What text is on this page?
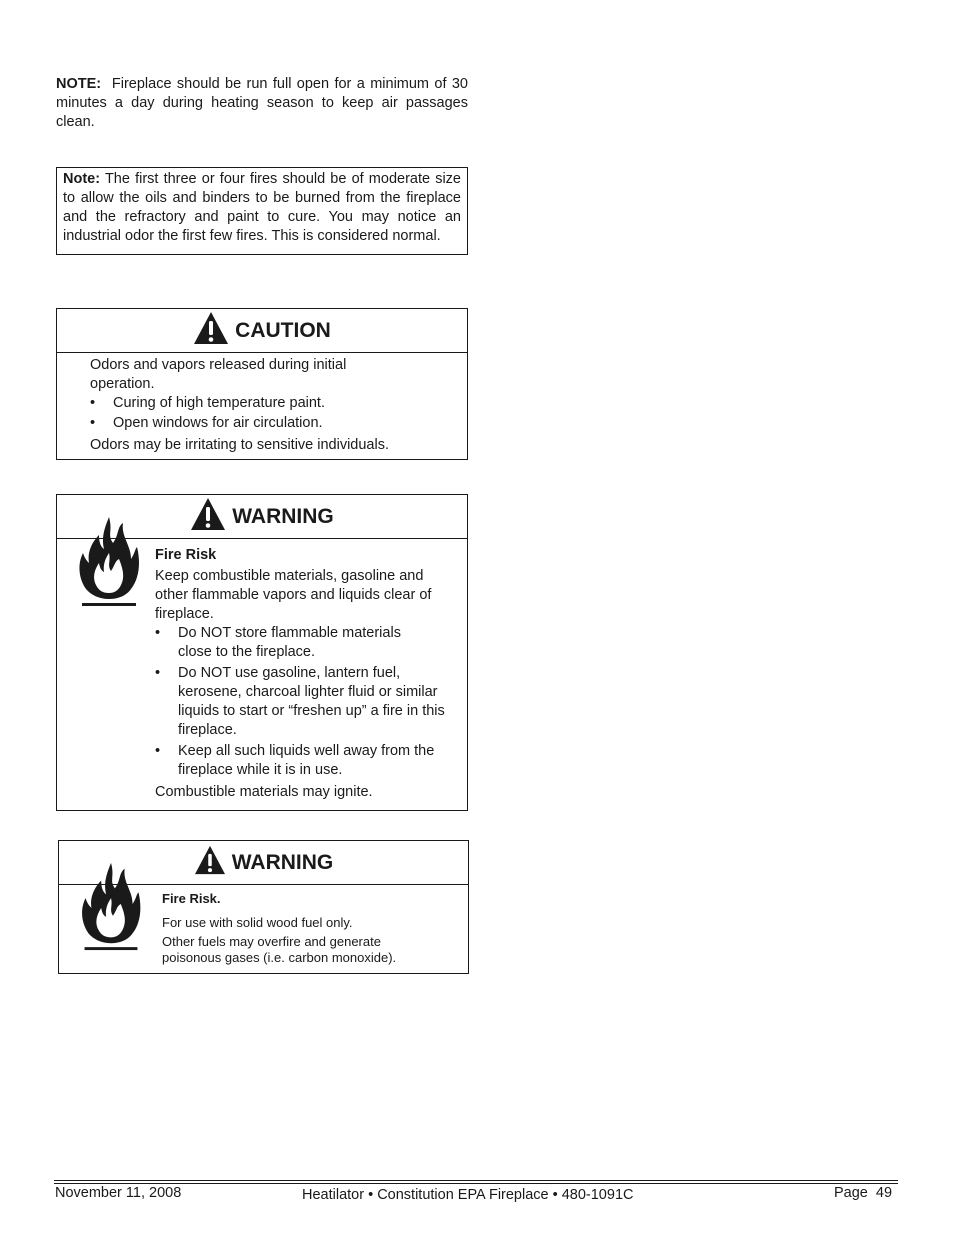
NOTE: Fireplace should be run full open for a minimum of 30 minutes a day during heating season to keep air passages clean.
Note: The first three or four fires should be of moderate size to allow the oils and binders to be burned from the fireplace and the refractory and paint to cure. You may notice an industrial odor the first few fires. This is considered normal.
CAUTION
Odors and vapors released during initial operation.
•	Curing of high temperature paint.
•	Open windows for air circulation.
Odors may be irritating to sensitive individuals.
WARNING
Fire Risk
Keep combustible materials, gasoline and other flammable vapors and liquids clear of fireplace.
•	Do NOT store flammable materials close to the fireplace.
•	Do NOT use gasoline, lantern fuel, kerosene, charcoal lighter fluid or similar liquids to start or “freshen up” a fire in this fireplace.
•	Keep all such liquids well away from the fireplace while it is in use.
Combustible materials may ignite.
WARNING
Fire Risk.
For use with solid wood fuel only.
Other fuels may overfire and generate poisonous gases (i.e. carbon monoxide).
November 11, 2008	Heatilator • Constitution EPA Fireplace • 480-1091C	Page  49
